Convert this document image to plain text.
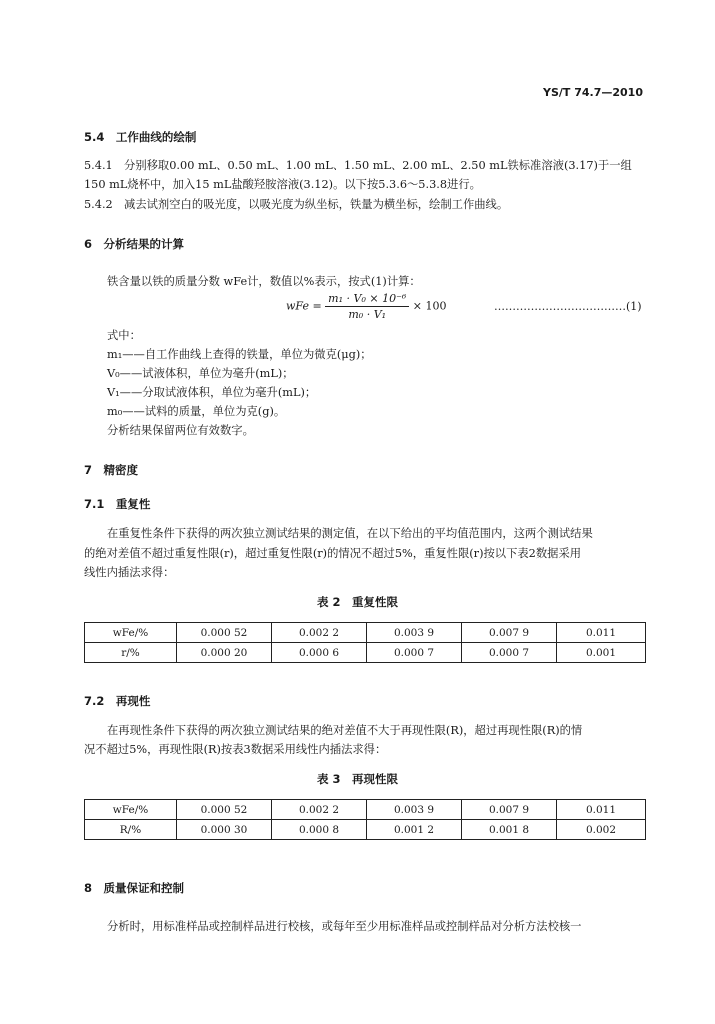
YS/T 74.7—2010
5.4　工作曲线的绘制
5.4.1　分别移取0.00 mL、0.50 mL、1.00 mL、1.50 mL、2.00 mL、2.50 mL铁标准溶液(3.17)于一组
150 mL烧杯中，加入15 mL盐酸羟胺溶液(3.12)。以下按5.3.6～5.3.8进行。
5.4.2　减去试剂空白的吸光度，以吸光度为纵坐标，铁量为横坐标，绘制工作曲线。
6　分析结果的计算
铁含量以铁的质量分数 wFe计，数值以%表示，按式(1)计算：
wFe = $\frac{\text{m₁ · V₀ × 10⁻⁶}}{\text{m₀ · V₁}} \times 100$	………………………………(1)
式中：
m₁——自工作曲线上查得的铁量，单位为微克(μg)；
V₀——试液体积，单位为毫升(mL)；
V₁——分取试液体积，单位为毫升(mL)；
m₀——试料的质量，单位为克(g)。
分析结果保留两位有效数字。
7　精密度
7.1　重复性
在重复性条件下获得的两次独立测试结果的测定值，在以下给出的平均值范围内，这两个测试结果
的绝对差值不超过重复性限(r)，超过重复性限(r)的情况不超过5%，重复性限(r)按以下表2数据采用
线性内插法求得：
表 2　重复性限
wFe/%	0.000 52	0.002 2	0.003 9	0.007 9	0.011
r/%	0.000 20	0.000 6	0.000 7	0.000 7	0.001
7.2　再现性
在再现性条件下获得的两次独立测试结果的绝对差值不大于再现性限(R)，超过再现性限(R)的情
况不超过5%，再现性限(R)按表3数据采用线性内插法求得：
表 3　再现性限
wFe/%	0.000 52	0.002 2	0.003 9	0.007 9	0.011
R/%	0.000 30	0.000 8	0.001 2	0.001 8	0.002
8　质量保证和控制
分析时，用标准样品或控制样品进行校核，或每年至少用标准样品或控制样品对分析方法校核一
